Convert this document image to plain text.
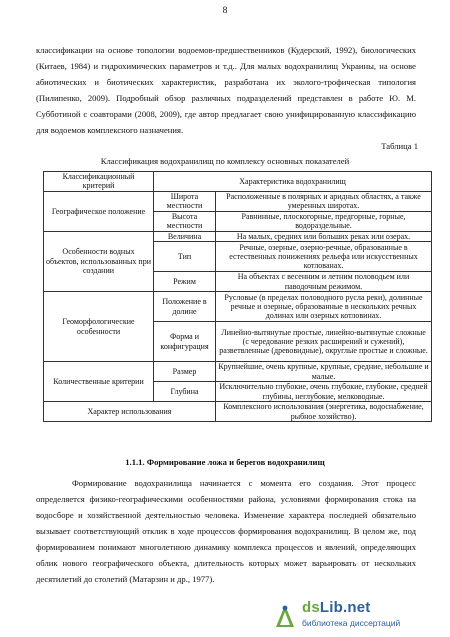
8

классификации на основе топологии водоемов-предшественников (Кудерский, 1992), биологических (Китаев, 1984) и гидрохимических параметров и т.д.. Для малых водохранилищ Украины, на основе абиотических и биотических характеристик, разработана их эколого-трофическая типология (Пилипенко, 2009). Подробный обзор различных подразделений представлен в работе Ю. М. Субботиной с соавторами (2008, 2009), где автор предлагает свою унифицированную классификацию для водоемов комплексного назначения.

Таблица 1
Классификация водохранилищ по комплексу основных показателей
Классификационный критерий	Характеристика водохранилищ	
Географическое положение	Широта местности	Расположенные в полярных и аридных областях, а также умеренных широтах.
	Высота местности	Равнинные, плоскогорные, предгорные, горные, водораздельные.
Особенности водных объектов, использованных при создании	Величина	На малых, средних или больших реках или озерах.
	Тип	Речные, озерные, озерно-речные, образованные в естественных понижениях рельефа или искусственных котлованах.
	Режим	На объектах с весенним и летним половодьем или паводочным режимом.
Геоморфологические особенности	Положение в долине	Русловые (в пределах половодного русла реки), долинные речные и озерные, образованные в нескольких речных долинах или озерных котловинах.
	Форма и конфигурация	Линейно-вытянутые простые, линейно-вытянутые сложные (с чередование резких расширений и сужений), разветвленные (древовидные), округлые простые и сложные.
Количественные критерии	Размер	Крупнейшие, очень крупные, крупные, средние, небольшие и малые.
	Глубина	Исключительно глубокие, очень глубокие, глубокие, средней глубины, неглубокие, мелководные.
Характер использования		Комплексного использования (энергетика, водоснабжение, рыбное хозяйство).
1.1.1. Формирование ложа и берегов водохранилищ

Формирование водохранилища начинается с момента его создания. Этот процесс определяется физико-географическими особенностями района, условиями формирования стока на водосборе и хозяйственной деятельностью человека. Изменение характера последней обязательно вызывает соответствующий отклик в ходе процессов формирования водохранилищ. В целом же, под формированием понимают многолетнюю динамику комплекса процессов и явлений, определяющих облик нового географического объекта, длительность которых может варьировать от нескольких десятилетий до столетий (Матарзин и др., 1977).

dsLib.net
библиотека диссертаций
